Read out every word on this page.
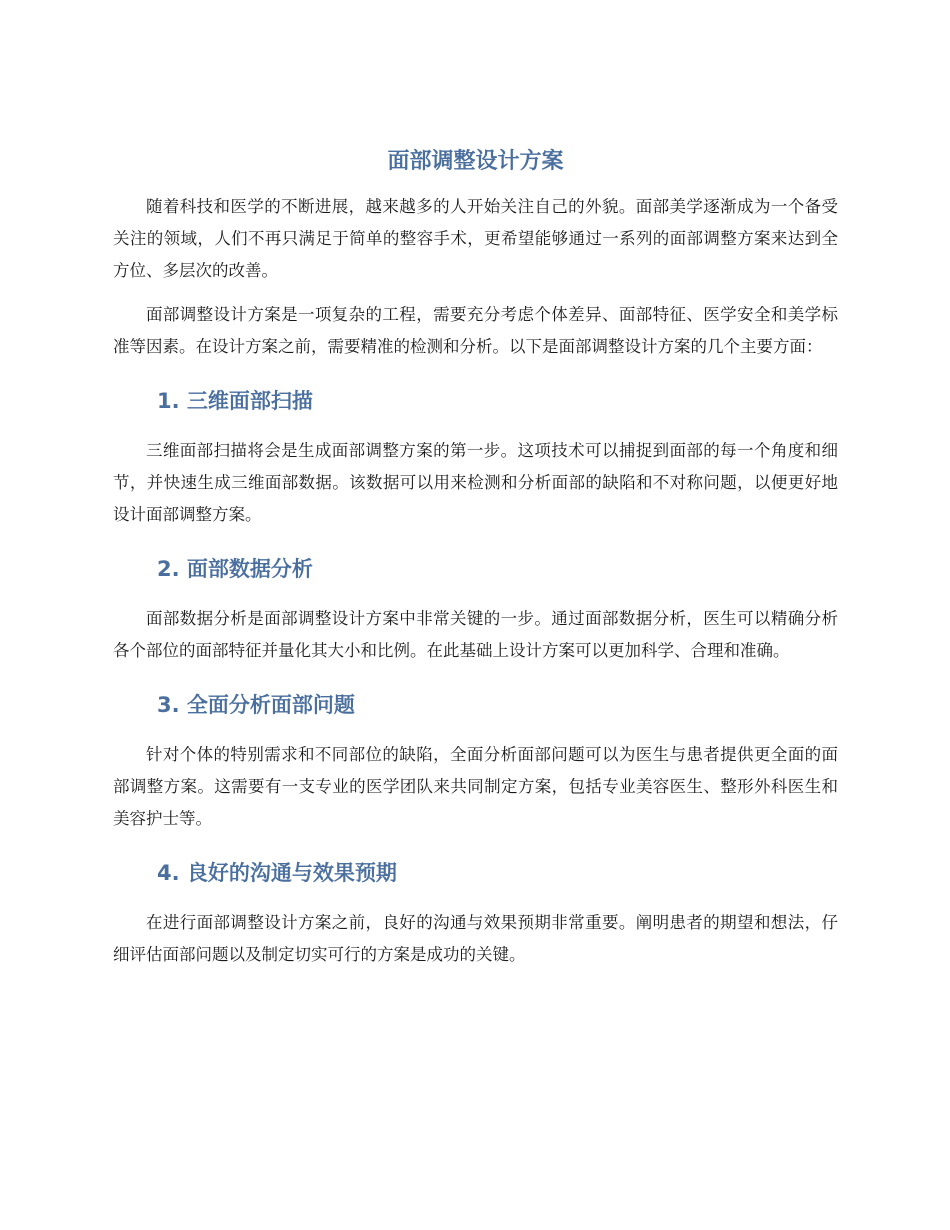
面部调整设计方案

随着科技和医学的不断进展，越来越多的人开始关注自己的外貌。面部美学逐渐成为一个备受关注的领域，人们不再只满足于简单的整容手术，更希望能够通过一系列的面部调整方案来达到全方位、多层次的改善。

面部调整设计方案是一项复杂的工程，需要充分考虑个体差异、面部特征、医学安全和美学标准等因素。在设计方案之前，需要精准的检测和分析。以下是面部调整设计方案的几个主要方面：

1. 三维面部扫描

三维面部扫描将会是生成面部调整方案的第一步。这项技术可以捕捉到面部的每一个角度和细节，并快速生成三维面部数据。该数据可以用来检测和分析面部的缺陷和不对称问题，以便更好地设计面部调整方案。

2. 面部数据分析

面部数据分析是面部调整设计方案中非常关键的一步。通过面部数据分析，医生可以精确分析各个部位的面部特征并量化其大小和比例。在此基础上设计方案可以更加科学、合理和准确。

3. 全面分析面部问题

针对个体的特别需求和不同部位的缺陷，全面分析面部问题可以为医生与患者提供更全面的面部调整方案。这需要有一支专业的医学团队来共同制定方案，包括专业美容医生、整形外科医生和美容护士等。

4. 良好的沟通与效果预期

在进行面部调整设计方案之前，良好的沟通与效果预期非常重要。阐明患者的期望和想法，仔细评估面部问题以及制定切实可行的方案是成功的关键。
